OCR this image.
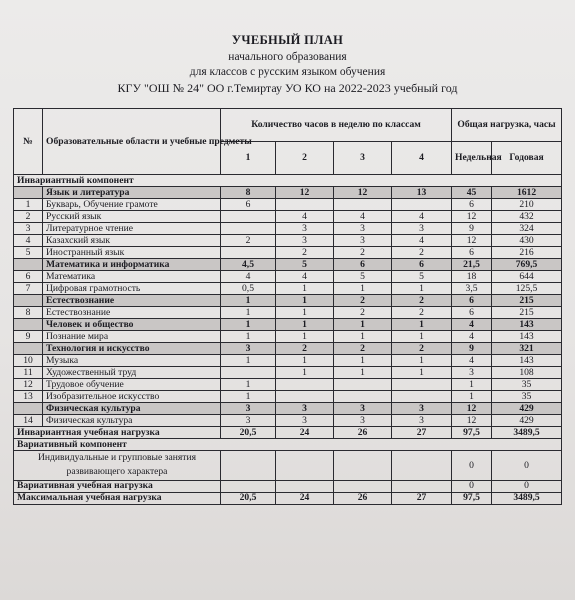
УЧЕБНЫЙ ПЛАН
начального образования
для классов с русским языком обучения
КГУ "ОШ № 24" ОО г.Темиртау УО КО на 2022-2023 учебный год
№	Образовательные области и учебные предметы	Количество часов в неделю по классам				Общая нагрузка, часы	
		1	2	3	4	Недельная	Годовая
Инвариантный компонент							
	Язык и литература	8	12	12	13	45	1612
1	Букварь, Обучение грамоте	6				6	210
2	Русский язык		4	4	4	12	432
3	Литературное чтение		3	3	3	9	324
4	Казахский язык	2	3	3	4	12	430
5	Иностранный язык		2	2	2	6	216
	Математика и информатика	4,5	5	6	6	21,5	769,5
6	Математика	4	4	5	5	18	644
7	Цифровая грамотность	0,5	1	1	1	3,5	125,5
	Естествознание	1	1	2	2	6	215
8	Естествознание	1	1	2	2	6	215
	Человек и общество	1	1	1	1	4	143
9	Познание мира	1	1	1	1	4	143
	Технология и искусство	3	2	2	2	9	321
10	Музыка	1	1	1	1	4	143
11	Художественный труд		1	1	1	3	108
12	Трудовое обучение	1				1	35
13	Изобразительное искусство	1				1	35
	Физическая культура	3	3	3	3	12	429
14	Физическая культура	3	3	3	3	12	429
Инвариантная учебная нагрузка		20,5	24	26	27	97,5	3489,5
Вариативный компонент							
Индивидуальные и групповые занятия развивающего характера						0	0
Вариативная учебная нагрузка						0	0
Максимальная учебная нагрузка		20,5	24	26	27	97,5	3489,5
